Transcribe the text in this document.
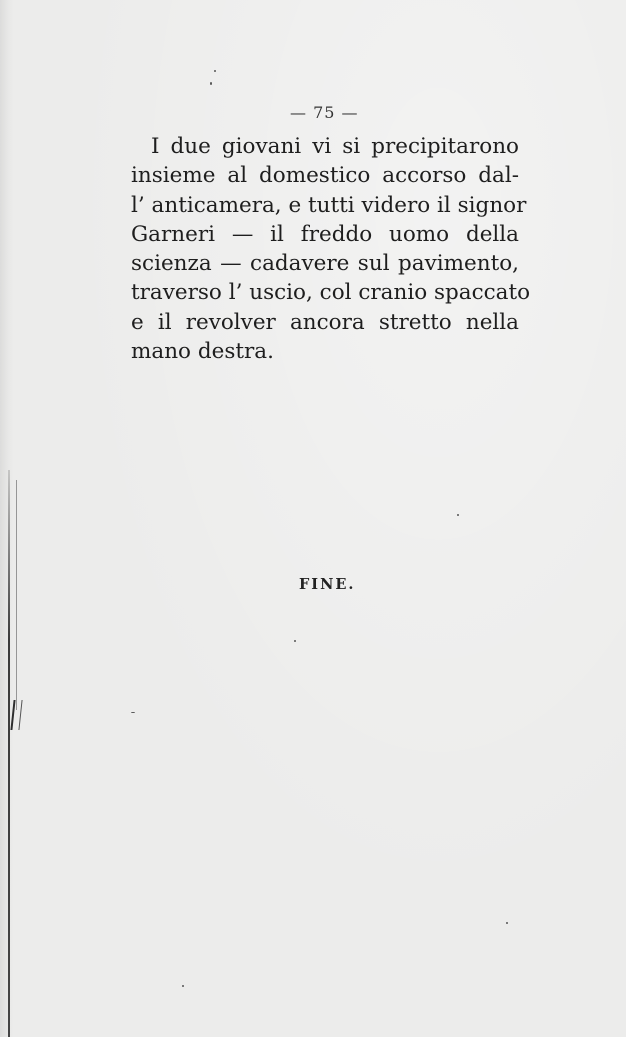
— 75 —

I due giovani vi si precipitarono
insieme al domestico accorso dal-
l’ anticamera, e tutti videro il signor
Garneri — il freddo uomo della
scienza — cadavere sul pavimento,
traverso l’ uscio, col cranio spaccato
e il revolver ancora stretto nella
mano destra.

FINE.
